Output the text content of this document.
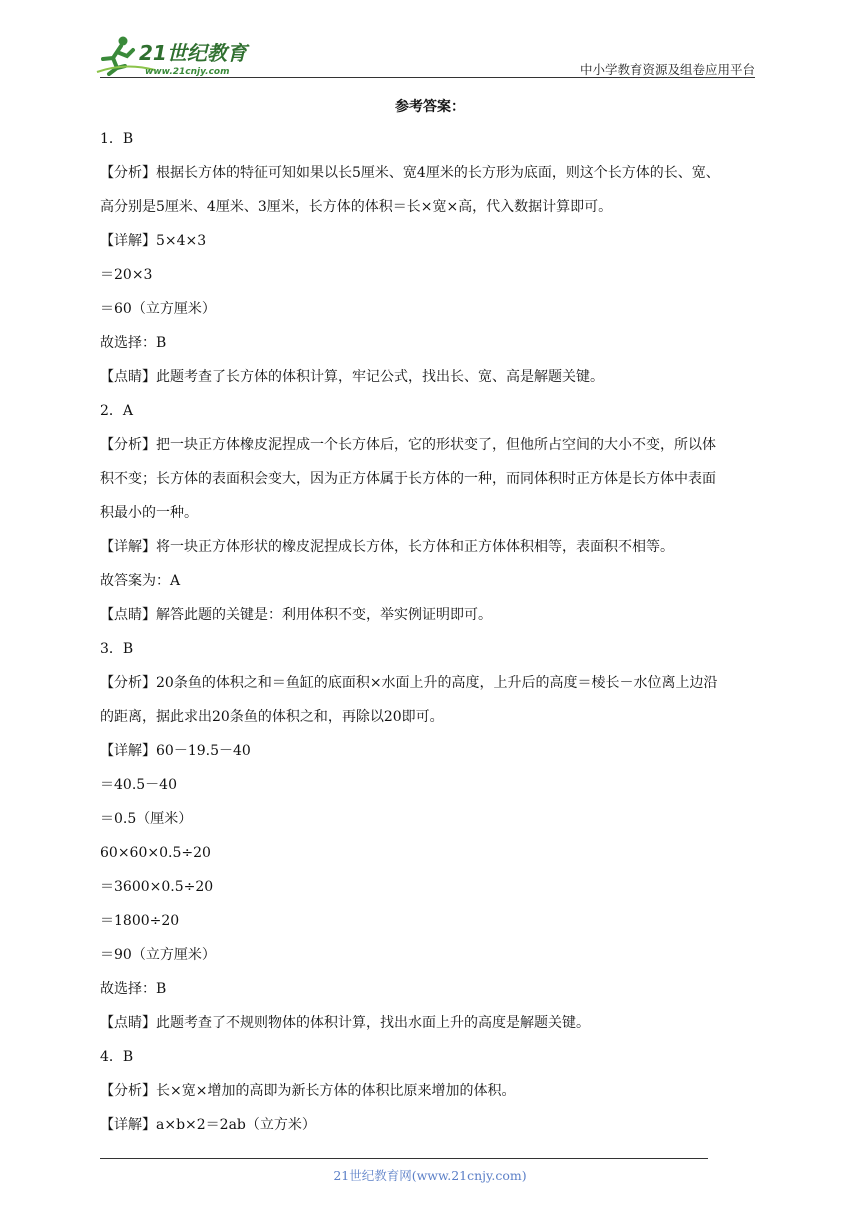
21世纪教育
www.21cnjy.com	中小学教育资源及组卷应用平台
参考答案：
1．B
【分析】根据长方体的特征可知如果以长5厘米、宽4厘米的长方形为底面，则这个长方体的长、宽、
高分别是5厘米、4厘米、3厘米，长方体的体积＝长×宽×高，代入数据计算即可。
【详解】5×4×3
＝20×3
＝60（立方厘米）
故选择：B
【点睛】此题考查了长方体的体积计算，牢记公式，找出长、宽、高是解题关键。
2．A
【分析】把一块正方体橡皮泥捏成一个长方体后，它的形状变了，但他所占空间的大小不变，所以体
积不变；长方体的表面积会变大，因为正方体属于长方体的一种，而同体积时正方体是长方体中表面
积最小的一种。
【详解】将一块正方体形状的橡皮泥捏成长方体，长方体和正方体体积相等，表面积不相等。
故答案为：A
【点睛】解答此题的关键是：利用体积不变，举实例证明即可。
3．B
【分析】20条鱼的体积之和＝鱼缸的底面积×水面上升的高度，上升后的高度＝棱长－水位离上边沿
的距离，据此求出20条鱼的体积之和，再除以20即可。
【详解】60－19.5－40
＝40.5－40
＝0.5（厘米）
60×60×0.5÷20
＝3600×0.5÷20
＝1800÷20
＝90（立方厘米）
故选择：B
【点睛】此题考查了不规则物体的体积计算，找出水面上升的高度是解题关键。
4．B
【分析】长×宽×增加的高即为新长方体的体积比原来增加的体积。
【详解】a×b×2＝2ab（立方米）
21世纪教育网(www.21cnjy.com)
